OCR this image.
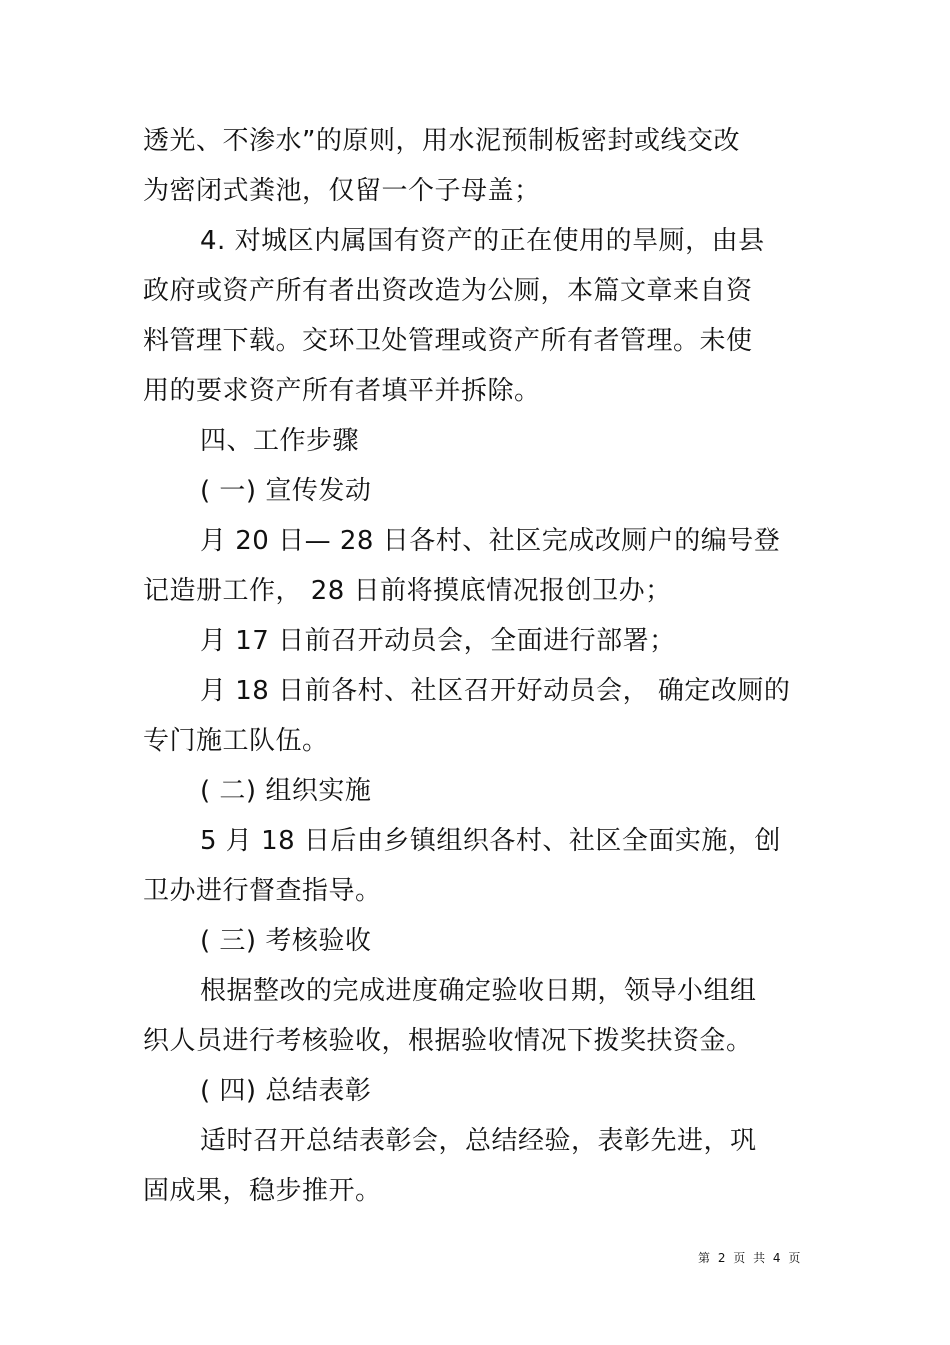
透光、不渗水”的原则，用水泥预制板密封或线交改
为密闭式粪池，仅留一个子母盖；
4. 对城区内属国有资产的正在使用的旱厕，由县
政府或资产所有者出资改造为公厕，本篇文章来自资
料管理下载。交环卫处管理或资产所有者管理。未使
用的要求资产所有者填平并拆除。
四、工作步骤
( 一) 宣传发动
月 20 日— 28 日各村、社区完成改厕户的编号登
记造册工作， 28 日前将摸底情况报创卫办；
月 17 日前召开动员会，全面进行部署；
月 18 日前各村、社区召开好动员会， 确定改厕的
专门施工队伍。
( 二) 组织实施
5 月 18 日后由乡镇组织各村、社区全面实施，创
卫办进行督查指导。
( 三) 考核验收
根据整改的完成进度确定验收日期，领导小组组
织人员进行考核验收，根据验收情况下拨奖扶资金。
( 四) 总结表彰
适时召开总结表彰会，总结经验，表彰先进，巩
固成果，稳步推开。
第 2 页 共 4 页
